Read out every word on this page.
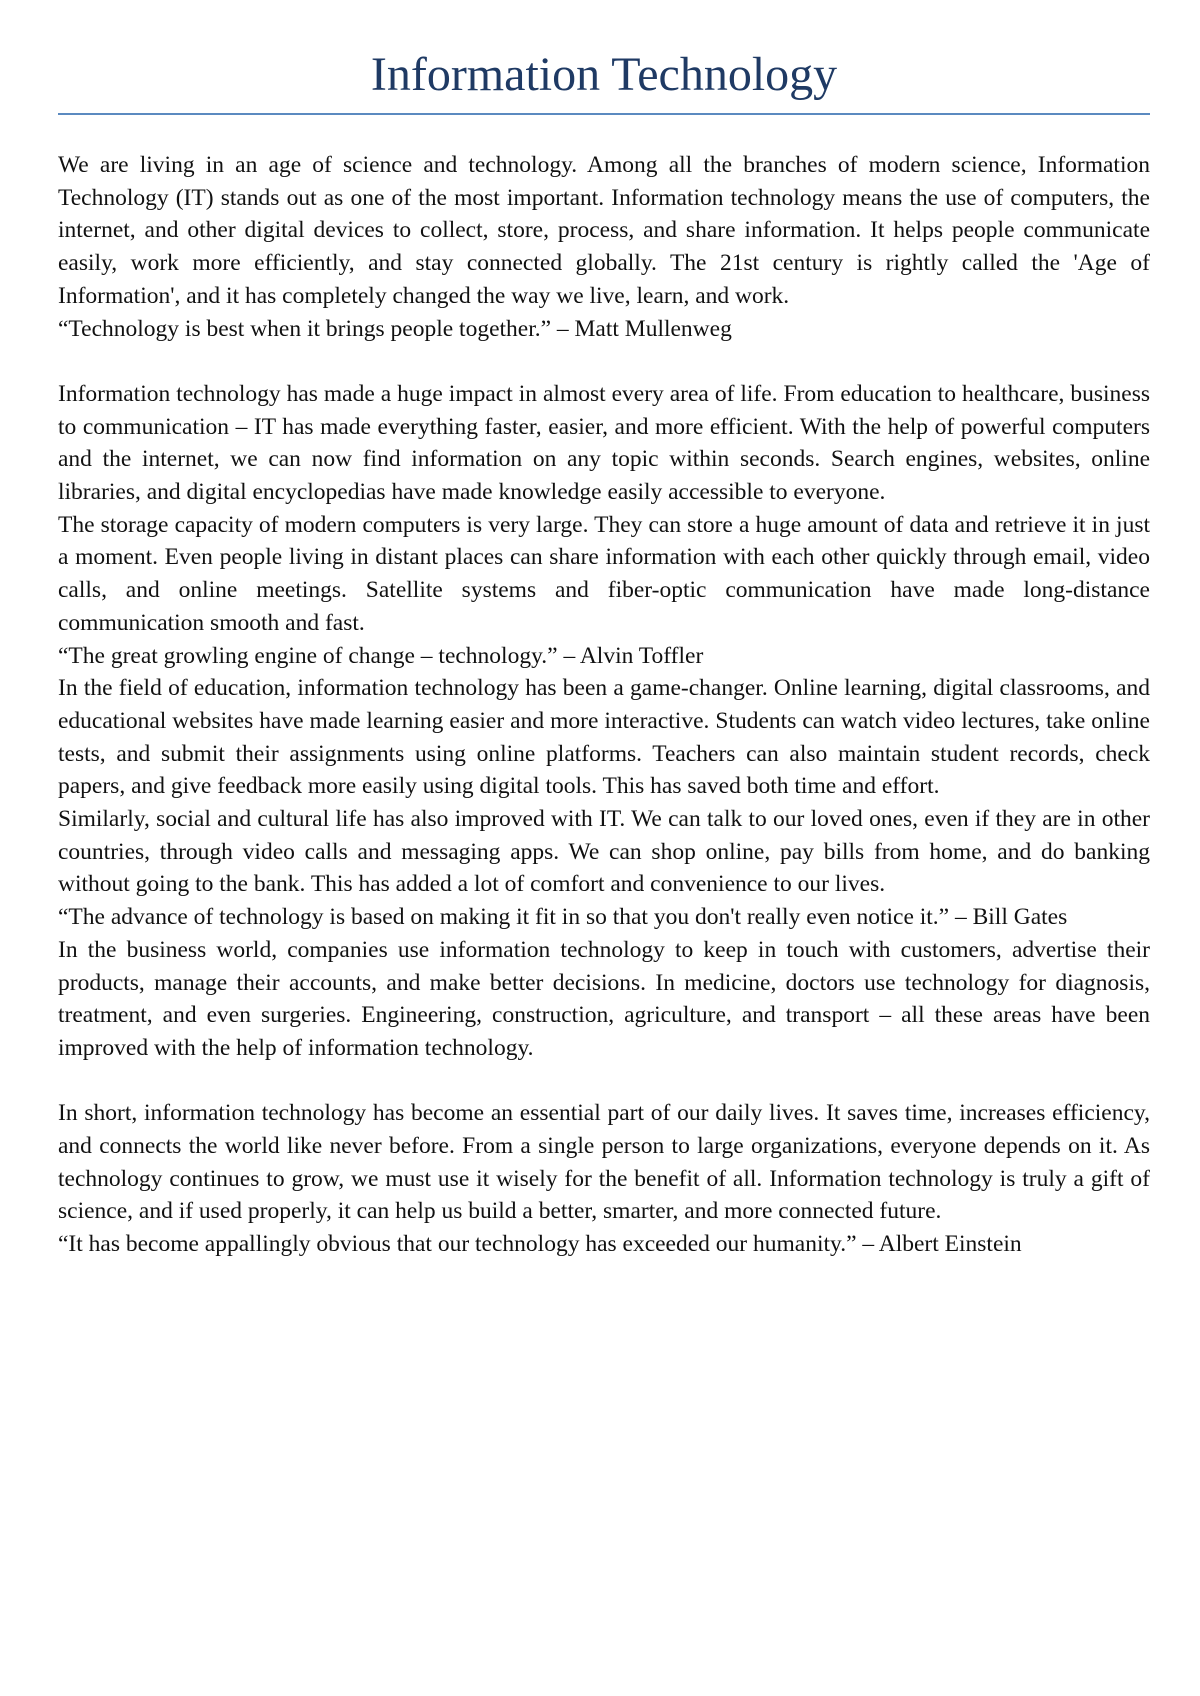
Information Technology

We are living in an age of science and technology. Among all the branches of modern science, Information Technology (IT) stands out as one of the most important. Information technology means the use of computers, the internet, and other digital devices to collect, store, process, and share information. It helps people communicate easily, work more efficiently, and stay connected globally. The 21st century is rightly called the 'Age of Information', and it has completely changed the way we live, learn, and work.

“Technology is best when it brings people together.” – Matt Mullenweg

Information technology has made a huge impact in almost every area of life. From education to healthcare, business to communication – IT has made everything faster, easier, and more efficient. With the help of powerful computers and the internet, we can now find information on any topic within seconds. Search engines, websites, online libraries, and digital encyclopedias have made knowledge easily accessible to everyone.

The storage capacity of modern computers is very large. They can store a huge amount of data and retrieve it in just a moment. Even people living in distant places can share information with each other quickly through email, video calls, and online meetings. Satellite systems and fiber-optic communication have made long-distance communication smooth and fast.

“The great growling engine of change – technology.” – Alvin Toffler

In the field of education, information technology has been a game-changer. Online learning, digital classrooms, and educational websites have made learning easier and more interactive. Students can watch video lectures, take online tests, and submit their assignments using online platforms. Teachers can also maintain student records, check papers, and give feedback more easily using digital tools. This has saved both time and effort.

Similarly, social and cultural life has also improved with IT. We can talk to our loved ones, even if they are in other countries, through video calls and messaging apps. We can shop online, pay bills from home, and do banking without going to the bank. This has added a lot of comfort and convenience to our lives.

“The advance of technology is based on making it fit in so that you don't really even notice it.” – Bill Gates

In the business world, companies use information technology to keep in touch with customers, advertise their products, manage their accounts, and make better decisions. In medicine, doctors use technology for diagnosis, treatment, and even surgeries. Engineering, construction, agriculture, and transport – all these areas have been improved with the help of information technology.

In short, information technology has become an essential part of our daily lives. It saves time, increases efficiency, and connects the world like never before. From a single person to large organizations, everyone depends on it. As technology continues to grow, we must use it wisely for the benefit of all. Information technology is truly a gift of science, and if used properly, it can help us build a better, smarter, and more connected future.

“It has become appallingly obvious that our technology has exceeded our humanity.” – Albert Einstein
